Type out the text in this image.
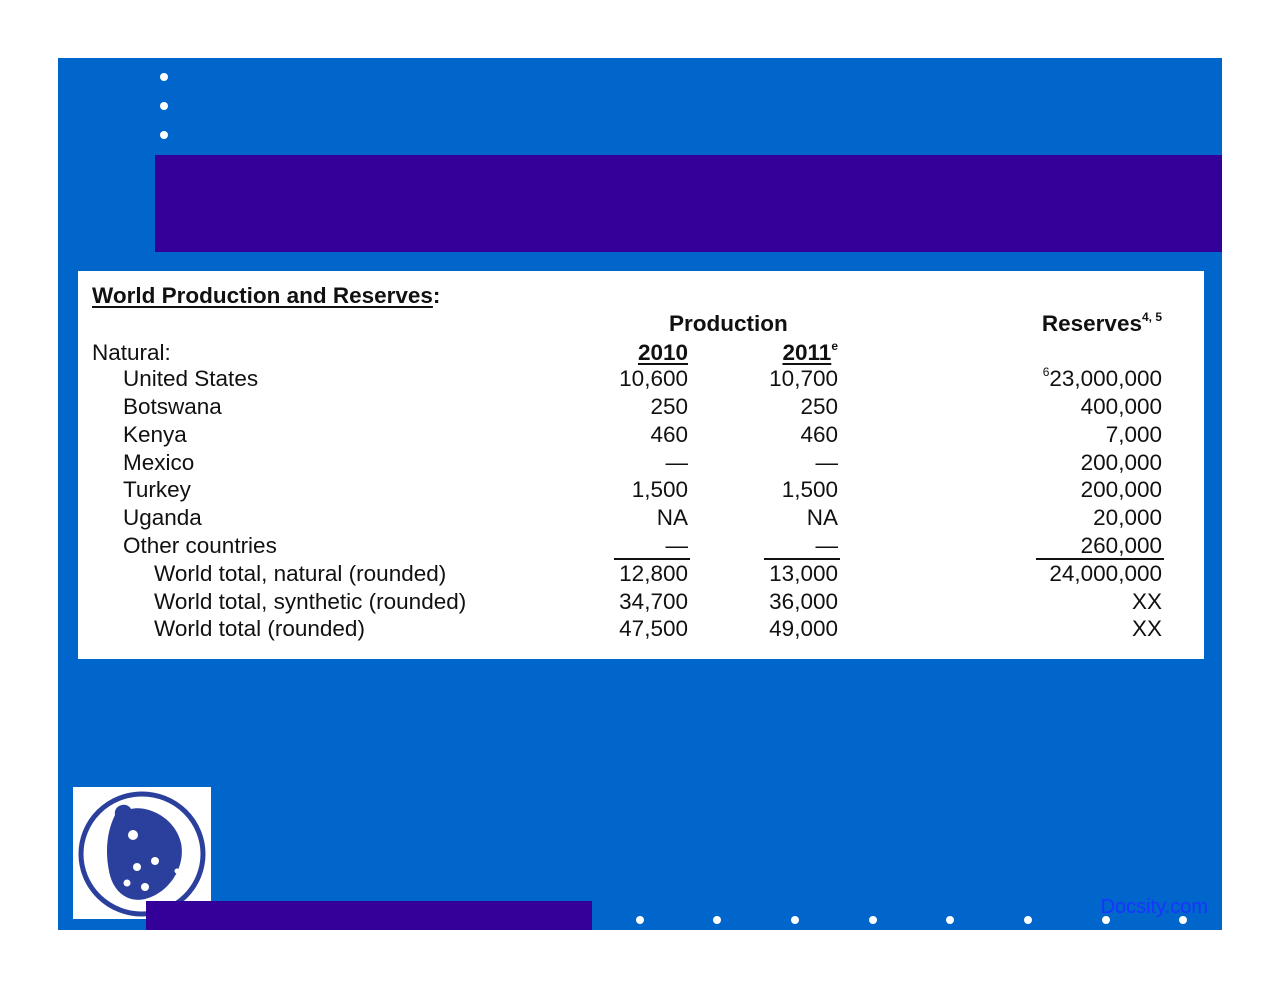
World Production and Reserves:
Production	Reserves$^{4, 5}$
Natural:	2010	2011e
United States	10,600	10,700	$^6$23,000,000
Botswana	250	250	400,000
Kenya	460	460	7,000
Mexico	—	—	200,000
Turkey	1,500	1,500	200,000
Uganda	NA	NA	20,000
Other countries	—	—	260,000
World total, natural (rounded)	12,800	13,000	24,000,000
World total, synthetic (rounded)	34,700	36,000	XX
World total (rounded)	47,500	49,000	XX
Docsity.com
